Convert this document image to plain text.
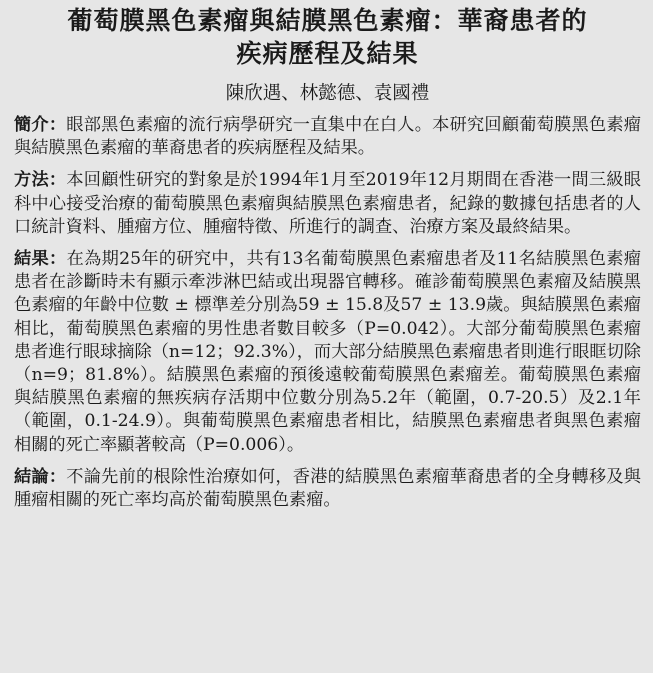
葡萄膜黑色素瘤與結膜黑色素瘤：華裔患者的
疾病歷程及結果
陳欣遇、林懿德、袁國禮

簡介：眼部黑色素瘤的流行病學研究一直集中在白人。本研究回顧葡萄膜黑色素瘤與結膜黑色素瘤的華裔患者的疾病歷程及結果。

方法：本回顧性研究的對象是於1994年1月至2019年12月期間在香港一間三級眼科中心接受治療的葡萄膜黑色素瘤與結膜黑色素瘤患者，紀錄的數據包括患者的人口統計資料、腫瘤方位、腫瘤特徵、所進行的調查、治療方案及最終結果。

結果：在為期25年的研究中，共有13名葡萄膜黑色素瘤患者及11名結膜黑色素瘤患者在診斷時未有顯示牽涉淋巴結或出現器官轉移。確診葡萄膜黑色素瘤及結膜黑色素瘤的年齡中位數 ± 標準差分別為59 ± 15.8及57 ± 13.9歲。與結膜黑色素瘤相比，葡萄膜黑色素瘤的男性患者數目較多（P=0.042）。大部分葡萄膜黑色素瘤患者進行眼球摘除（n=12；92.3%），而大部分結膜黑色素瘤患者則進行眼眶切除（n=9；81.8%）。結膜黑色素瘤的預後遠較葡萄膜黑色素瘤差。葡萄膜黑色素瘤與結膜黑色素瘤的無疾病存活期中位數分別為5.2年（範圍，0.7-20.5）及2.1年（範圍，0.1-24.9）。與葡萄膜黑色素瘤患者相比，結膜黑色素瘤患者與黑色素瘤相關的死亡率顯著較高（P=0.006）。

結論：不論先前的根除性治療如何，香港的結膜黑色素瘤華裔患者的全身轉移及與腫瘤相關的死亡率均高於葡萄膜黑色素瘤。
